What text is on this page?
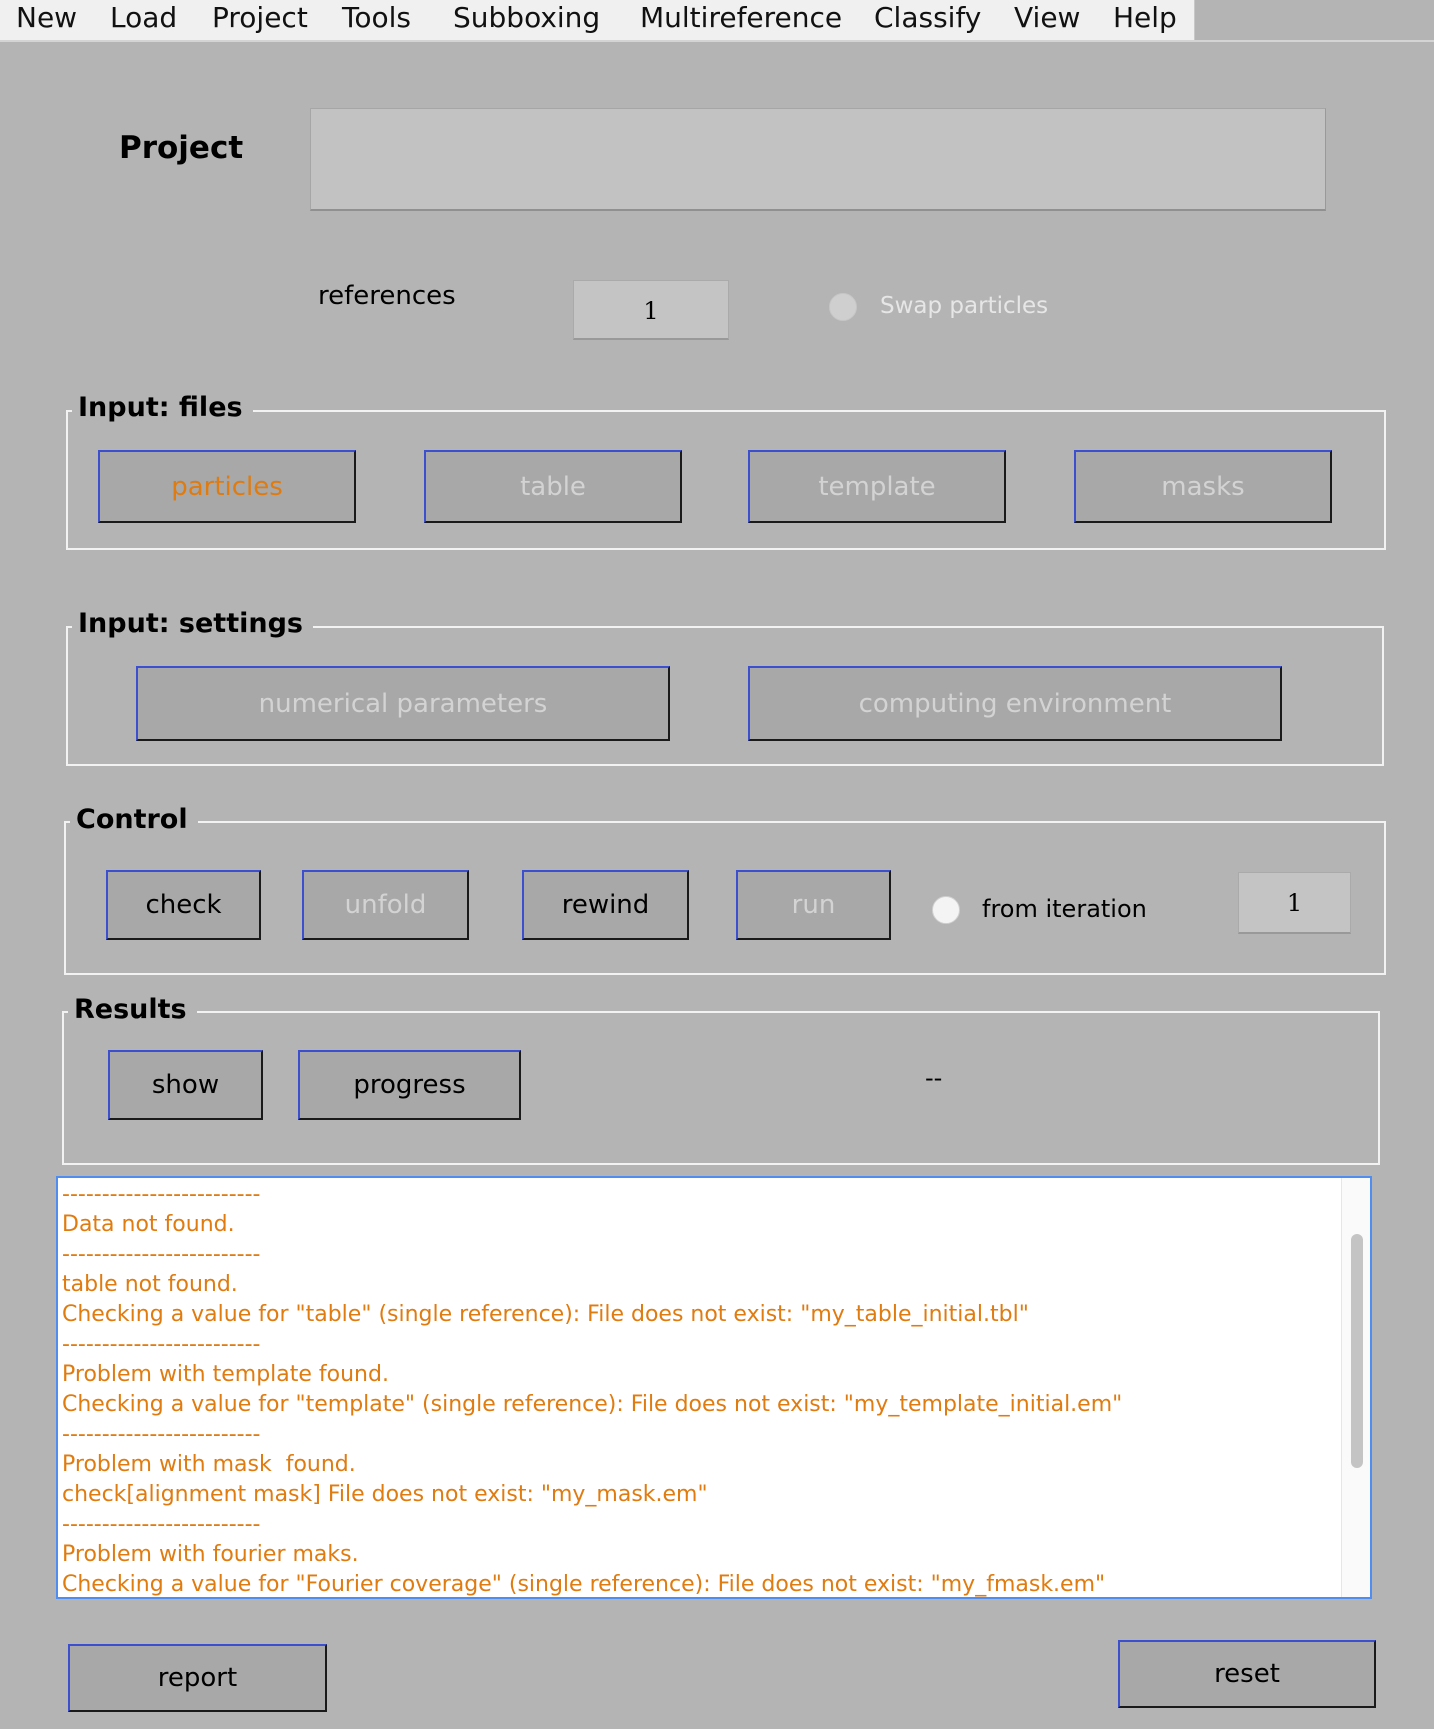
New Load Project Tools Subboxing Multireference Classify View Help
Project
references	1	Swap particles
Input: files
particles	table	template	masks
Input: settings
numerical parameters	computing environment
Control
check	unfold	rewind	run	from iteration	1
Results
show	progress	--
-------------------------
Data not found.
-------------------------
table not found.
Checking a value for "table" (single reference): File does not exist: "my_table_initial.tbl"
-------------------------
Problem with template found.
Checking a value for "template" (single reference): File does not exist: "my_template_initial.em"
-------------------------
Problem with mask  found.
check[alignment mask] File does not exist: "my_mask.em"
-------------------------
Problem with fourier maks.
Checking a value for "Fourier coverage" (single reference): File does not exist: "my_fmask.em"
report	reset
